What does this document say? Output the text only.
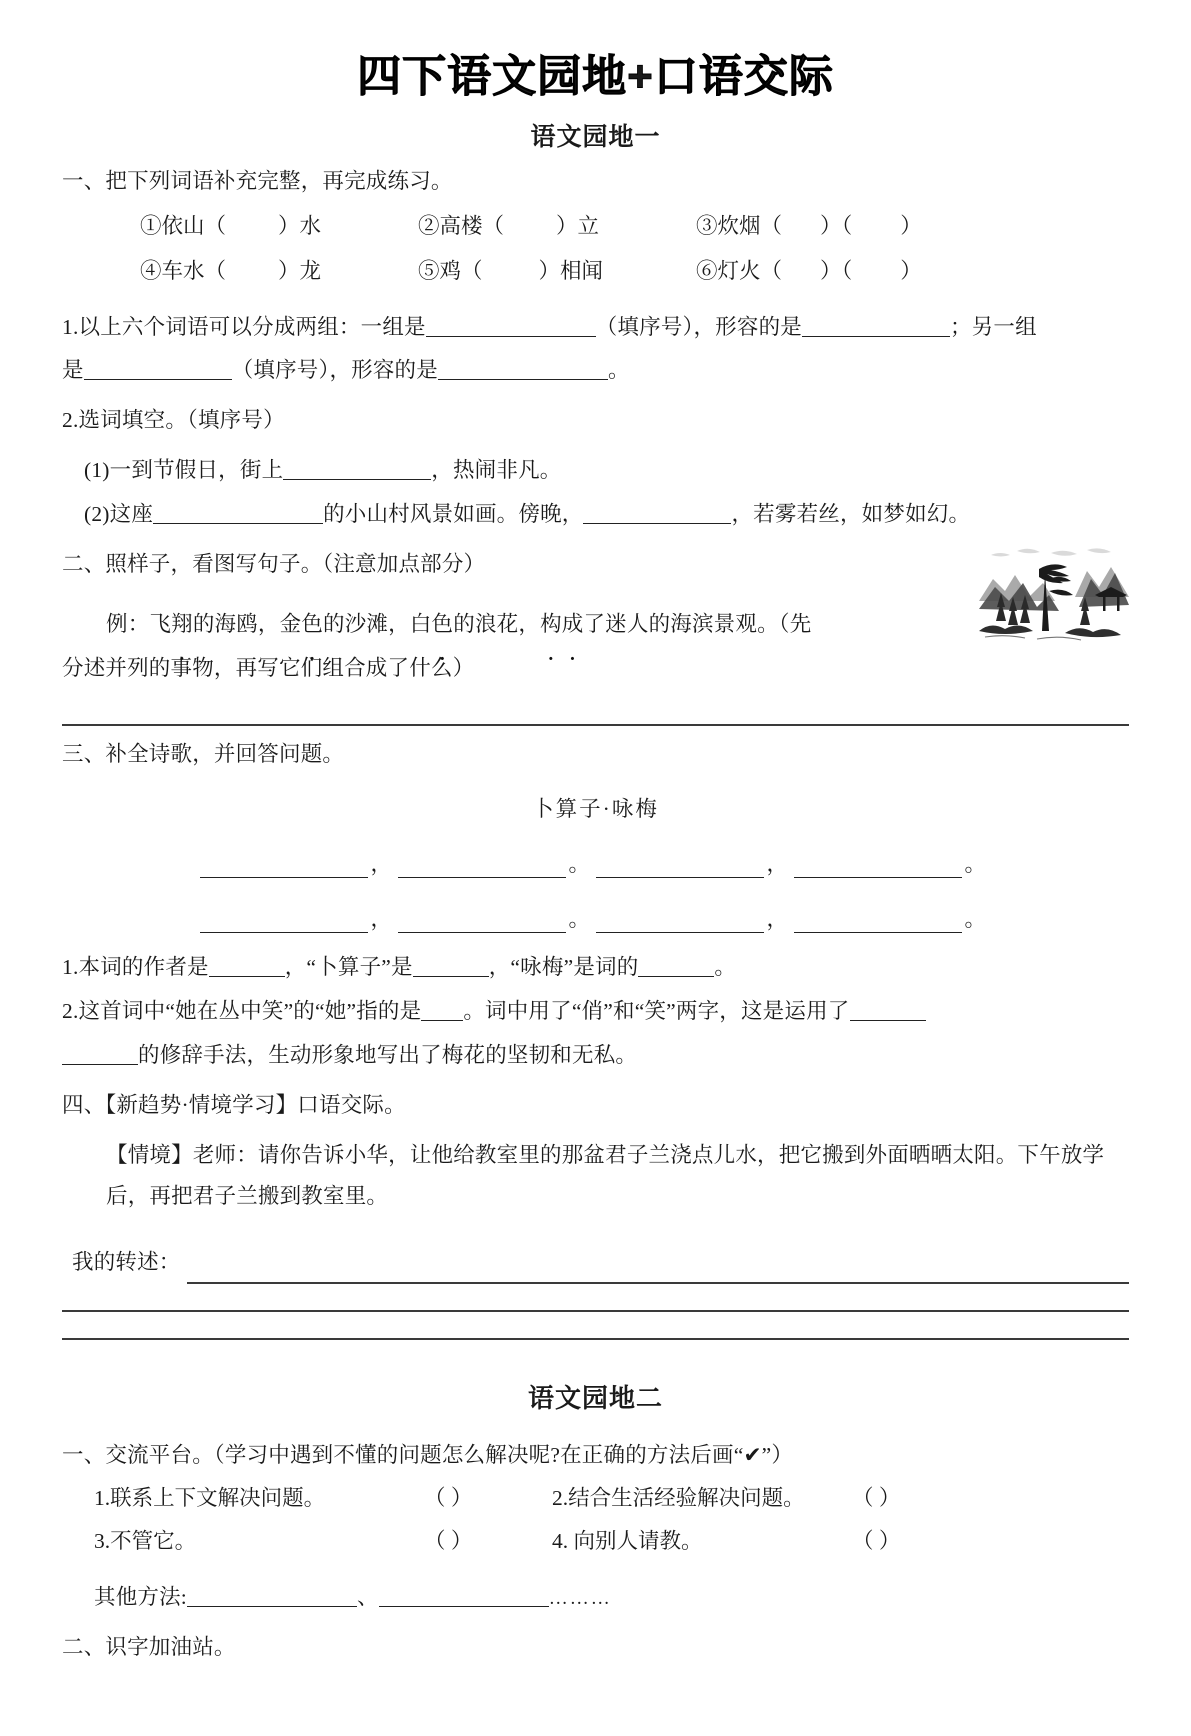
四下语文园地+口语交际
语文园地一
一、把下列词语补充完整，再完成练习。
①依山（ ）水	②高楼（ ）立	③炊烟（ ）（ ）
④车水（ ）龙	⑤鸡（	）相闻	⑥灯火（ ）（ ）
1.以上六个词语可以分成两组：一组是	（填序号），形容的是	；另一组
是	（填序号），形容的是	。
2.选词填空。（填序号）
(1)一到节假日，街上	，热闹非凡。
(2)这座	的小山村风景如画。傍晚，	，若雾若丝，如梦如幻。
二、照样子，看图写句子。（注意加点部分）
例：飞翔的海鸥，金色的沙滩，白色的浪花，构成了迷人的海滨景观。（先
分述并列的事物，再写它们组合成了什么）
三、补全诗歌，并回答问题。
卜算子·咏梅
，	。	，	。
，	。	，	。
1.本词的作者是	，“卜算子”是	，“咏梅”是词的	。
2.这首词中“她在丛中笑”的“她”指的是 。词中用了“俏”和“笑”两字，这是运用了
的修辞手法，生动形象地写出了梅花的坚韧和无私。
四、【新趋势·情境学习】口语交际。
【情境】老师：请你告诉小华，让他给教室里的那盆君子兰浇点儿水，把它搬到外面晒晒太阳。下午放学后，再把君子兰搬到教室里。
我的转述：
语文园地二
一、交流平台。（学习中遇到不懂的问题怎么解决呢?在正确的方法后画“✔”）
1.联系上下文解决问题。	（ ）	2.结合生活经验解决问题。	（ ）
3.不管它。	（ ）	4. 向别人请教。	（ ）
其他方法:	、	………
二、识字加油站。
